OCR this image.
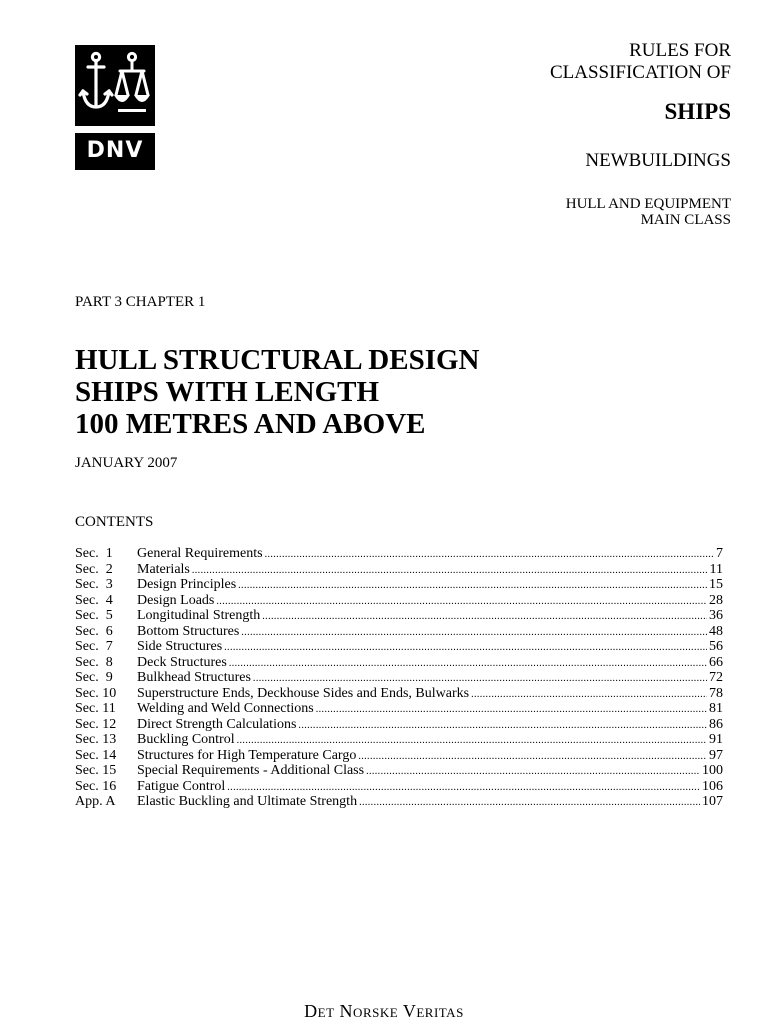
DNV
RULES FOR
CLASSIFICATION OF
SHIPS
NEWBUILDINGS
HULL AND EQUIPMENT
MAIN CLASS
PART 3 CHAPTER 1
HULL STRUCTURAL DESIGN
SHIPS WITH LENGTH
100 METRES AND ABOVE
JANUARY 2007
CONTENTS
Sec.  1	General Requirements .....	7
Sec.  2	Materials .....	11
Sec.  3	Design Principles .....	15
Sec.  4	Design Loads .....	28
Sec.  5	Longitudinal Strength .....	36
Sec.  6	Bottom Structures .....	48
Sec.  7	Side Structures .....	56
Sec.  8	Deck Structures .....	66
Sec.  9	Bulkhead Structures .....	72
Sec. 10	Superstructure Ends, Deckhouse Sides and Ends, Bulwarks .....	78
Sec. 11	Welding and Weld Connections .....	81
Sec. 12	Direct Strength Calculations .....	86
Sec. 13	Buckling Control .....	91
Sec. 14	Structures for High Temperature Cargo .....	97
Sec. 15	Special Requirements - Additional Class .....	100
Sec. 16	Fatigue Control .....	106
App. A	Elastic Buckling and Ultimate Strength .....	107
Det Norske Veritas
